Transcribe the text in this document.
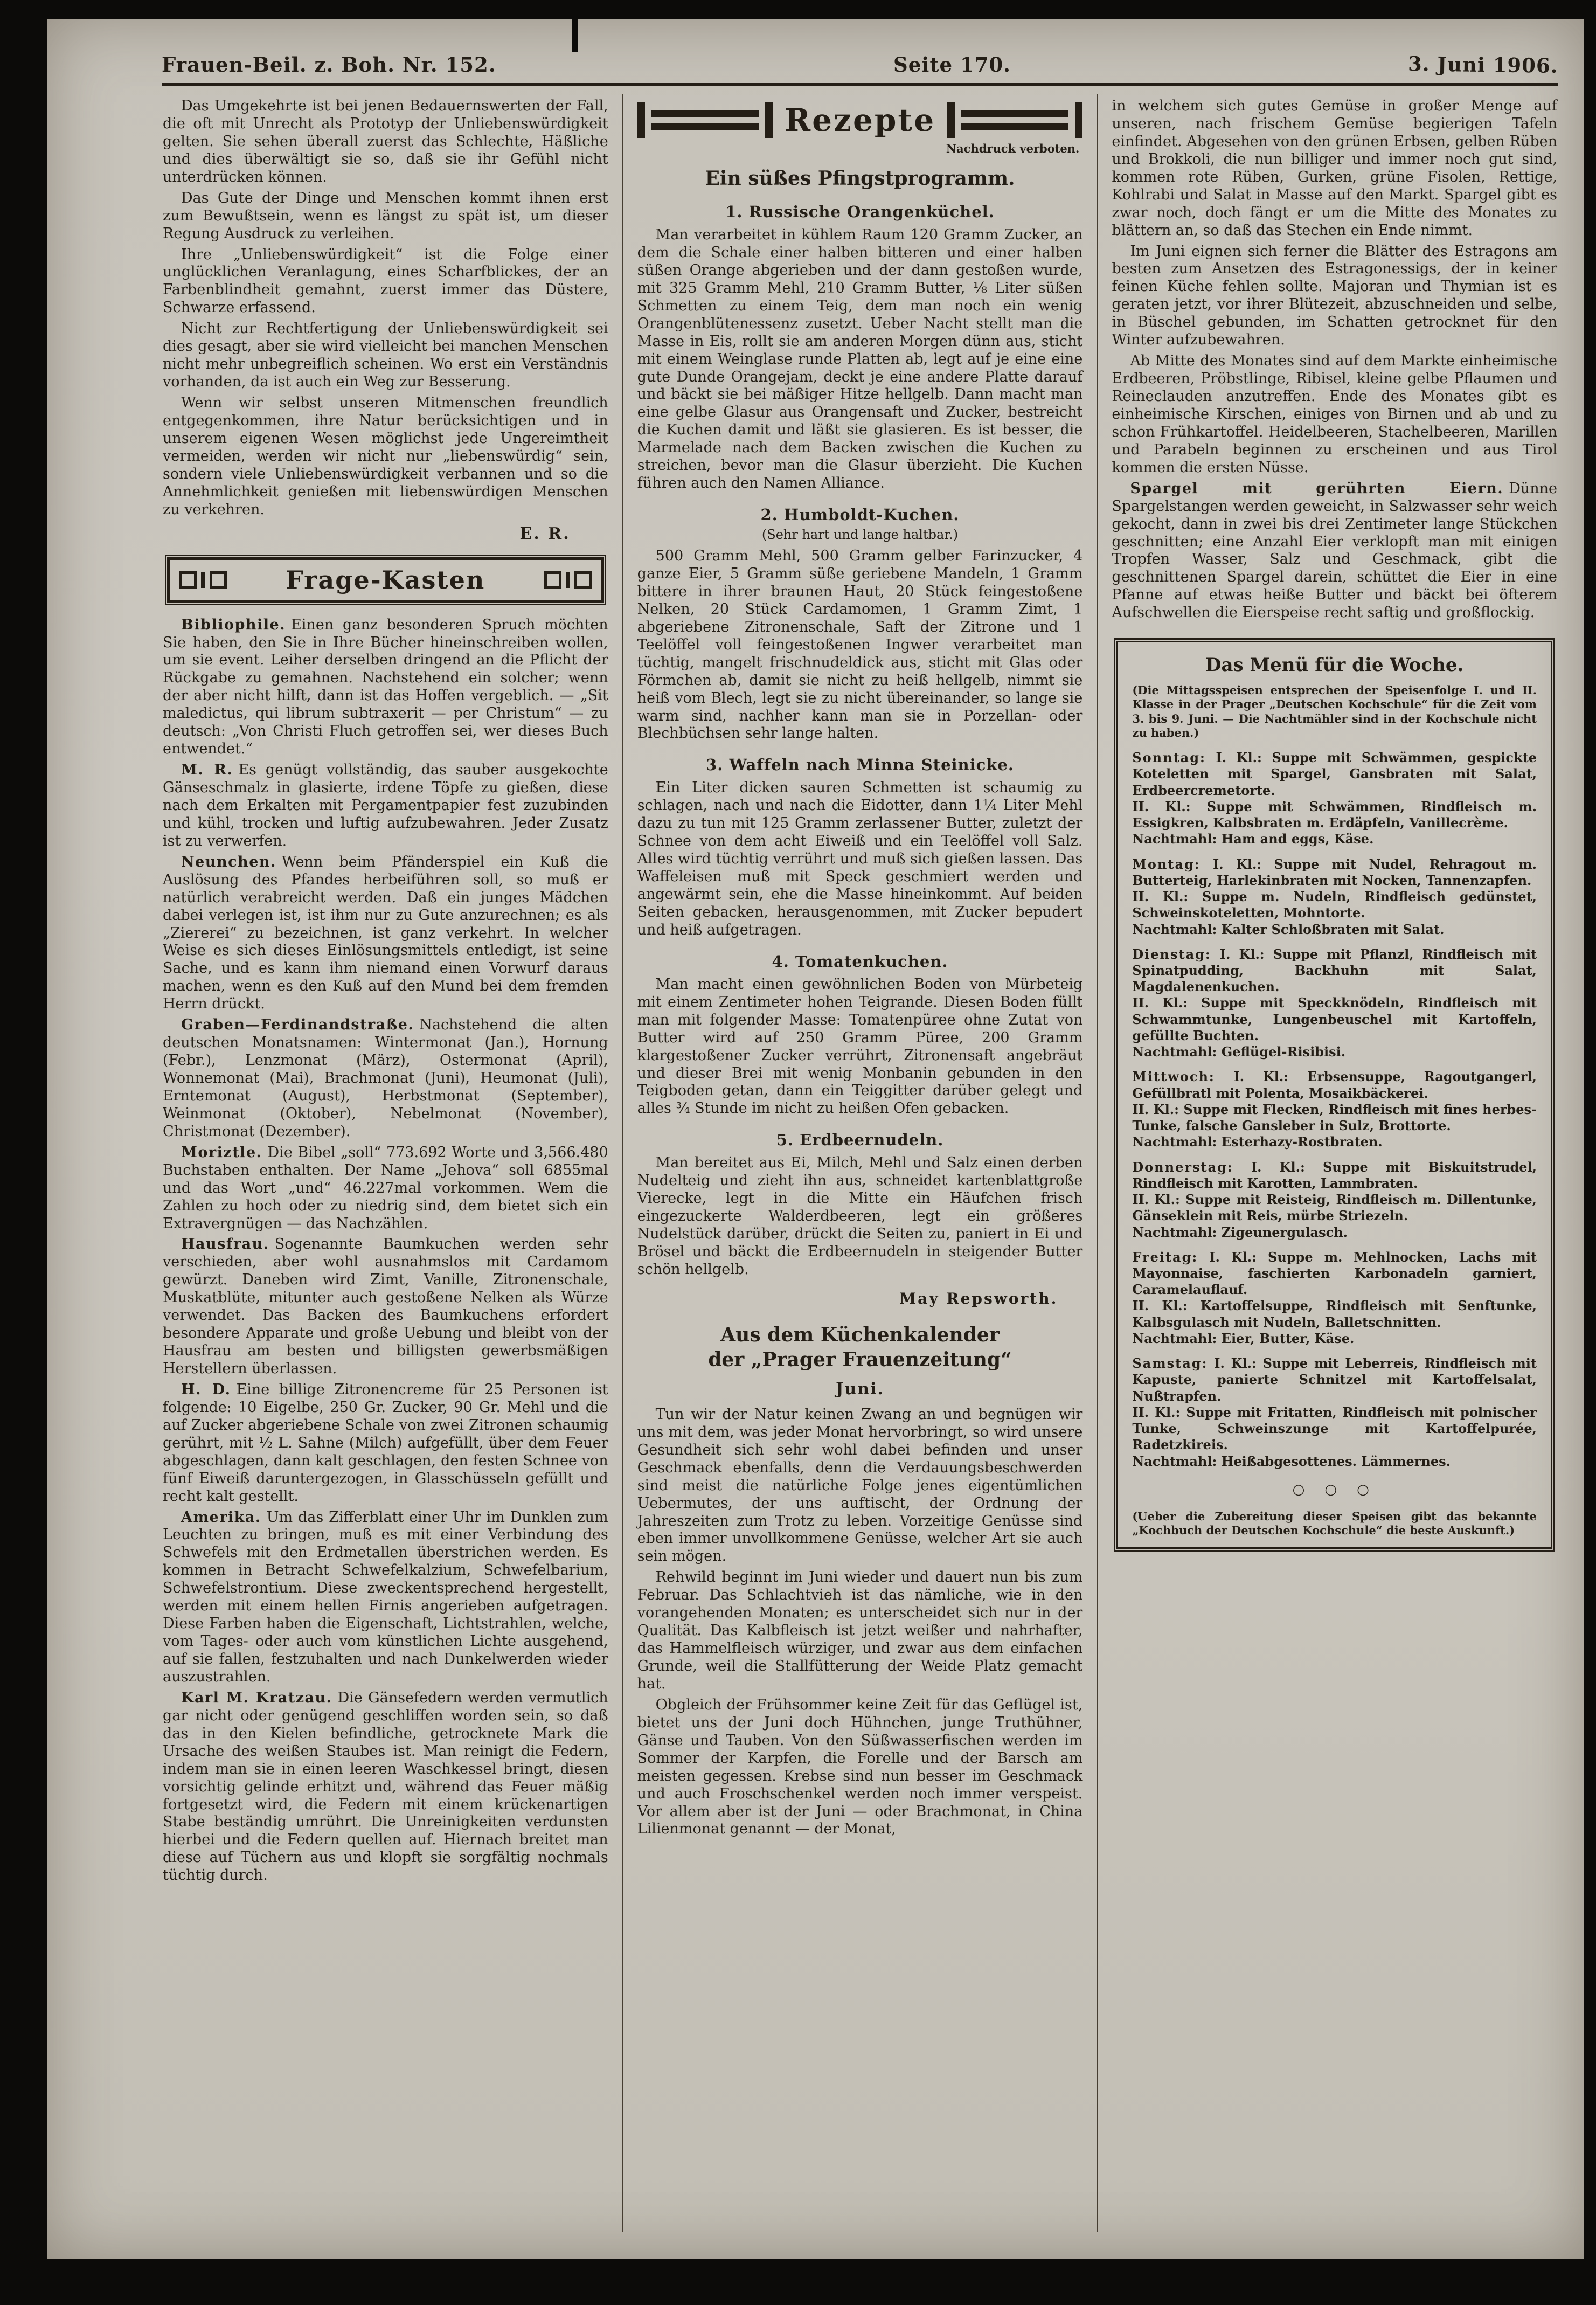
Frauen-Beil. z. Boh. Nr. 152.	Seite 170.	3. Juni 1906.

Das Umgekehrte ist bei jenen Bedauernswerten der Fall, die oft mit Unrecht als Prototyp der Unliebenswürdigkeit gelten. Sie sehen überall zuerst das Schlechte, Häßliche und dies überwältigt sie so, daß sie ihr Gefühl nicht unterdrücken können.

Das Gute der Dinge und Menschen kommt ihnen erst zum Bewußtsein, wenn es längst zu spät ist, um dieser Regung Ausdruck zu verleihen.

Ihre „Unliebenswürdigkeit“ ist die Folge einer unglücklichen Veranlagung, eines Scharfblickes, der an Farbenblindheit gemahnt, zuerst immer das Düstere, Schwarze erfassend.

Nicht zur Rechtfertigung der Unliebenswürdigkeit sei dies gesagt, aber sie wird vielleicht bei manchen Menschen nicht mehr unbegreiflich scheinen. Wo erst ein Verständnis vorhanden, da ist auch ein Weg zur Besserung.

Wenn wir selbst unseren Mitmenschen freundlich entgegenkommen, ihre Natur berücksichtigen und in unserem eigenen Wesen möglichst jede Ungereimtheit vermeiden, werden wir nicht nur „liebenswürdig“ sein, sondern viele Unliebenswürdigkeit verbannen und so die Annehmlichkeit genießen mit liebenswürdigen Menschen zu verkehren.

E. R.

Frage-Kasten

Bibliophile. Einen ganz besonderen Spruch möchten Sie haben, den Sie in Ihre Bücher hineinschreiben wollen, um sie event. Leiher derselben dringend an die Pflicht der Rückgabe zu gemahnen. Nachstehend ein solcher; wenn der aber nicht hilft, dann ist das Hoffen vergeblich. — „Sit maledictus, qui librum subtraxerit — per Christum“ — zu deutsch: „Von Christi Fluch getroffen sei, wer dieses Buch entwendet.“

M. R. Es genügt vollständig, das sauber ausgekochte Gänseschmalz in glasierte, irdene Töpfe zu gießen, diese nach dem Erkalten mit Pergamentpapier fest zuzubinden und kühl, trocken und luftig aufzubewahren. Jeder Zusatz ist zu verwerfen.

Neunchen. Wenn beim Pfänderspiel ein Kuß die Auslösung des Pfandes herbeiführen soll, so muß er natürlich verabreicht werden. Daß ein junges Mädchen dabei verlegen ist, ist ihm nur zu Gute anzurechnen; es als „Ziererei“ zu bezeichnen, ist ganz verkehrt. In welcher Weise es sich dieses Einlösungsmittels entledigt, ist seine Sache, und es kann ihm niemand einen Vorwurf daraus machen, wenn es den Kuß auf den Mund bei dem fremden Herrn drückt.

Graben—Ferdinandstraße. Nachstehend die alten deutschen Monatsnamen: Wintermonat (Jan.), Hornung (Febr.), Lenzmonat (März), Ostermonat (April), Wonnemonat (Mai), Brachmonat (Juni), Heumonat (Juli), Erntemonat (August), Herbstmonat (September), Weinmonat (Oktober), Nebelmonat (November), Christmonat (Dezember).

Moriztle. Die Bibel „soll“ 773.692 Worte und 3,566.480 Buchstaben enthalten. Der Name „Jehova“ soll 6855mal und das Wort „und“ 46.227mal vorkommen. Wem die Zahlen zu hoch oder zu niedrig sind, dem bietet sich ein Extravergnügen — das Nachzählen.

Hausfrau. Sogenannte Baumkuchen werden sehr verschieden, aber wohl ausnahmslos mit Cardamom gewürzt. Daneben wird Zimt, Vanille, Zitronenschale, Muskatblüte, mitunter auch gestoßene Nelken als Würze verwendet. Das Backen des Baumkuchens erfordert besondere Apparate und große Uebung und bleibt von der Hausfrau am besten und billigsten gewerbsmäßigen Herstellern überlassen.

H. D. Eine billige Zitronencreme für 25 Personen ist folgende: 10 Eigelbe, 250 Gr. Zucker, 90 Gr. Mehl und die auf Zucker abgeriebene Schale von zwei Zitronen schaumig gerührt, mit ½ L. Sahne (Milch) aufgefüllt, über dem Feuer abgeschlagen, dann kalt geschlagen, den festen Schnee von fünf Eiweiß daruntergezogen, in Glasschüsseln gefüllt und recht kalt gestellt.

Amerika. Um das Zifferblatt einer Uhr im Dunklen zum Leuchten zu bringen, muß es mit einer Verbindung des Schwefels mit den Erdmetallen überstrichen werden. Es kommen in Betracht Schwefelkalzium, Schwefelbarium, Schwefelstrontium. Diese zweckentsprechend hergestellt, werden mit einem hellen Firnis angerieben aufgetragen. Diese Farben haben die Eigenschaft, Lichtstrahlen, welche, vom Tages- oder auch vom künstlichen Lichte ausgehend, auf sie fallen, festzuhalten und nach Dunkelwerden wieder auszustrahlen.

Karl M. Kratzau. Die Gänsefedern werden vermutlich gar nicht oder genügend geschliffen worden sein, so daß das in den Kielen befindliche, getrocknete Mark die Ursache des weißen Staubes ist. Man reinigt die Federn, indem man sie in einen leeren Waschkessel bringt, diesen vorsichtig gelinde erhitzt und, während das Feuer mäßig fortgesetzt wird, die Federn mit einem krückenartigen Stabe beständig umrührt. Die Unreinigkeiten verdunsten hierbei und die Federn quellen auf. Hiernach breitet man diese auf Tüchern aus und klopft sie sorgfältig nochmals tüchtig durch.

Rezepte

Nachdruck verboten.

Ein süßes Pfingstprogramm.
1. Russische Orangenküchel.

Man verarbeitet in kühlem Raum 120 Gramm Zucker, an dem die Schale einer halben bitteren und einer halben süßen Orange abgerieben und der dann gestoßen wurde, mit 325 Gramm Mehl, 210 Gramm Butter, ⅛ Liter süßen Schmetten zu einem Teig, dem man noch ein wenig Orangenblütenessenz zusetzt. Ueber Nacht stellt man die Masse in Eis, rollt sie am anderen Morgen dünn aus, sticht mit einem Weinglase runde Platten ab, legt auf je eine eine gute Dunde Orangejam, deckt je eine andere Platte darauf und bäckt sie bei mäßiger Hitze hellgelb. Dann macht man eine gelbe Glasur aus Orangensaft und Zucker, bestreicht die Kuchen damit und läßt sie glasieren. Es ist besser, die Marmelade nach dem Backen zwischen die Kuchen zu streichen, bevor man die Glasur überzieht. Die Kuchen führen auch den Namen Alliance.

2. Humboldt-Kuchen.

(Sehr hart und lange haltbar.)

500 Gramm Mehl, 500 Gramm gelber Farinzucker, 4 ganze Eier, 5 Gramm süße geriebene Mandeln, 1 Gramm bittere in ihrer braunen Haut, 20 Stück feingestoßene Nelken, 20 Stück Cardamomen, 1 Gramm Zimt, 1 abgeriebene Zitronenschale, Saft der Zitrone und 1 Teelöffel voll feingestoßenen Ingwer verarbeitet man tüchtig, mangelt frischnudeldick aus, sticht mit Glas oder Förmchen ab, damit sie nicht zu heiß hellgelb, nimmt sie heiß vom Blech, legt sie zu nicht übereinander, so lange sie warm sind, nachher kann man sie in Porzellan- oder Blechbüchsen sehr lange halten.

3. Waffeln nach Minna Steinicke.

Ein Liter dicken sauren Schmetten ist schaumig zu schlagen, nach und nach die Eidotter, dann 1¼ Liter Mehl dazu zu tun mit 125 Gramm zerlassener Butter, zuletzt der Schnee von dem acht Eiweiß und ein Teelöffel voll Salz. Alles wird tüchtig verrührt und muß sich gießen lassen. Das Waffeleisen muß mit Speck geschmiert werden und angewärmt sein, ehe die Masse hineinkommt. Auf beiden Seiten gebacken, herausgenommen, mit Zucker bepudert und heiß aufgetragen.

4. Tomatenkuchen.

Man macht einen gewöhnlichen Boden von Mürbeteig mit einem Zentimeter hohen Teigrande. Diesen Boden füllt man mit folgender Masse: Tomatenpüree ohne Zutat von Butter wird auf 250 Gramm Püree, 200 Gramm klargestoßener Zucker verrührt, Zitronensaft angebräut und dieser Brei mit wenig Monbanin gebunden in den Teigboden getan, dann ein Teiggitter darüber gelegt und alles ¾ Stunde im nicht zu heißen Ofen gebacken.

5. Erdbeernudeln.

Man bereitet aus Ei, Milch, Mehl und Salz einen derben Nudelteig und zieht ihn aus, schneidet kartenblattgroße Vierecke, legt in die Mitte ein Häufchen frisch eingezuckerte Walderdbeeren, legt ein größeres Nudelstück darüber, drückt die Seiten zu, paniert in Ei und Brösel und bäckt die Erdbeernudeln in steigender Butter schön hellgelb.

May Repsworth.

Aus dem Küchenkalender
der „Prager Frauenzeitung“
Juni.

Tun wir der Natur keinen Zwang an und begnügen wir uns mit dem, was jeder Monat hervorbringt, so wird unsere Gesundheit sich sehr wohl dabei befinden und unser Geschmack ebenfalls, denn die Verdauungsbeschwerden sind meist die natürliche Folge jenes eigentümlichen Uebermutes, der uns auftischt, der Ordnung der Jahreszeiten zum Trotz zu leben. Vorzeitige Genüsse sind eben immer unvollkommene Genüsse, welcher Art sie auch sein mögen.

Rehwild beginnt im Juni wieder und dauert nun bis zum Februar. Das Schlachtvieh ist das nämliche, wie in den vorangehenden Monaten; es unterscheidet sich nur in der Qualität. Das Kalbfleisch ist jetzt weißer und nahrhafter, das Hammelfleisch würziger, und zwar aus dem einfachen Grunde, weil die Stallfütterung der Weide Platz gemacht hat.

Obgleich der Frühsommer keine Zeit für das Geflügel ist, bietet uns der Juni doch Hühnchen, junge Truthühner, Gänse und Tauben. Von den Süßwasserfischen werden im Sommer der Karpfen, die Forelle und der Barsch am meisten gegessen. Krebse sind nun besser im Geschmack und auch Froschschenkel werden noch immer verspeist. Vor allem aber ist der Juni — oder Brachmonat, in China Lilienmonat genannt — der Monat,

in welchem sich gutes Gemüse in großer Menge auf unseren, nach frischem Gemüse begierigen Tafeln einfindet. Abgesehen von den grünen Erbsen, gelben Rüben und Brokkoli, die nun billiger und immer noch gut sind, kommen rote Rüben, Gurken, grüne Fisolen, Rettige, Kohlrabi und Salat in Masse auf den Markt. Spargel gibt es zwar noch, doch fängt er um die Mitte des Monates zu blättern an, so daß das Stechen ein Ende nimmt.

Im Juni eignen sich ferner die Blätter des Estragons am besten zum Ansetzen des Estragonessigs, der in keiner feinen Küche fehlen sollte. Majoran und Thymian ist es geraten jetzt, vor ihrer Blütezeit, abzuschneiden und selbe, in Büschel gebunden, im Schatten getrocknet für den Winter aufzubewahren.

Ab Mitte des Monates sind auf dem Markte einheimische Erdbeeren, Pröbstlinge, Ribisel, kleine gelbe Pflaumen und Reineclauden anzutreffen. Ende des Monates gibt es einheimische Kirschen, einiges von Birnen und ab und zu schon Frühkartoffel. Heidelbeeren, Stachelbeeren, Marillen und Parabeln beginnen zu erscheinen und aus Tirol kommen die ersten Nüsse.

Spargel mit gerührten Eiern. Dünne Spargelstangen werden geweicht, in Salzwasser sehr weich gekocht, dann in zwei bis drei Zentimeter lange Stückchen geschnitten; eine Anzahl Eier verklopft man mit einigen Tropfen Wasser, Salz und Geschmack, gibt die geschnittenen Spargel darein, schüttet die Eier in eine Pfanne auf etwas heiße Butter und bäckt bei öfterem Aufschwellen die Eierspeise recht saftig und großflockig.

Das Menü für die Woche.

(Die Mittagsspeisen entsprechen der Speisenfolge I. und II. Klasse in der Prager „Deutschen Kochschule“ für die Zeit vom 3. bis 9. Juni. — Die Nachtmähler sind in der Kochschule nicht zu haben.)

Sonntag: I. Kl.: Suppe mit Schwämmen, gespickte Koteletten mit Spargel, Gansbraten mit Salat, Erdbeercremetorte.

II. Kl.: Suppe mit Schwämmen, Rindfleisch m. Essigkren, Kalbsbraten m. Erdäpfeln, Vanillecrème.

Nachtmahl: Ham and eggs, Käse.

Montag: I. Kl.: Suppe mit Nudel, Rehragout m. Butterteig, Harlekinbraten mit Nocken, Tannenzapfen.

II. Kl.: Suppe m. Nudeln, Rindfleisch gedünstet, Schweinskoteletten, Mohntorte.

Nachtmahl: Kalter Schloßbraten mit Salat.

Dienstag: I. Kl.: Suppe mit Pflanzl, Rindfleisch mit Spinatpudding, Backhuhn mit Salat, Magdalenenkuchen.

II. Kl.: Suppe mit Speckknödeln, Rindfleisch mit Schwammtunke, Lungenbeuschel mit Kartoffeln, gefüllte Buchten.

Nachtmahl: Geflügel-Risibisi.

Mittwoch: I. Kl.: Erbsensuppe, Ragoutgangerl, Gefüllbratl mit Polenta, Mosaikbäckerei.

II. Kl.: Suppe mit Flecken, Rindfleisch mit fines herbes-Tunke, falsche Gansleber in Sulz, Brottorte.

Nachtmahl: Esterhazy-Rostbraten.

Donnerstag: I. Kl.: Suppe mit Biskuitstrudel, Rindfleisch mit Karotten, Lammbraten.

II. Kl.: Suppe mit Reisteig, Rindfleisch m. Dillentunke, Gänseklein mit Reis, mürbe Striezeln.

Nachtmahl: Zigeunergulasch.

Freitag: I. Kl.: Suppe m. Mehlnocken, Lachs mit Mayonnaise, faschierten Karbonadeln garniert, Caramelauflauf.

II. Kl.: Kartoffelsuppe, Rindfleisch mit Senftunke, Kalbsgulasch mit Nudeln, Balletschnitten.

Nachtmahl: Eier, Butter, Käse.

Samstag: I. Kl.: Suppe mit Leberreis, Rindfleisch mit Kapuste, panierte Schnitzel mit Kartoffelsalat, Nußtrapfen.

II. Kl.: Suppe mit Fritatten, Rindfleisch mit polnischer Tunke, Schweinszunge mit Kartoffelpurée, Radetzkireis.

Nachtmahl: Heißabgesottenes. Lämmernes.

○ ○ ○

(Ueber die Zubereitung dieser Speisen gibt das bekannte „Kochbuch der Deutschen Kochschule“ die beste Auskunft.)
